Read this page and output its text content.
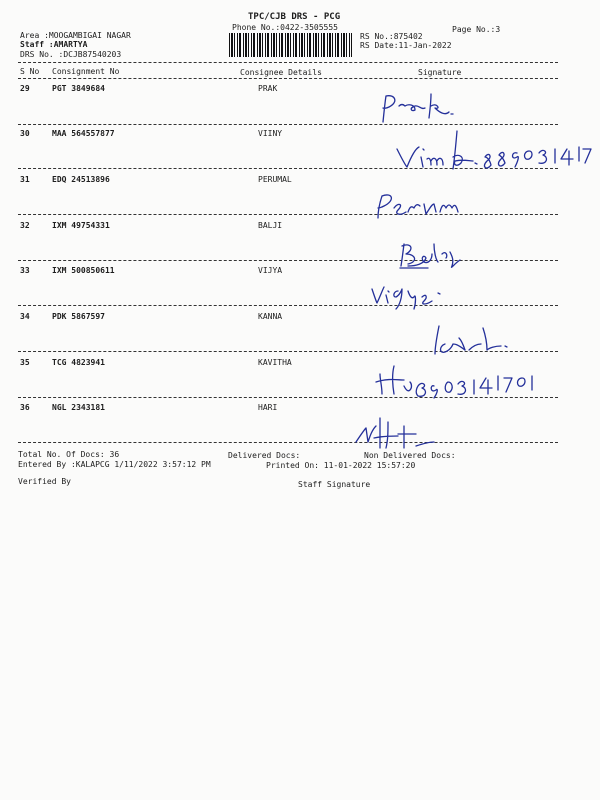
TPC/CJB DRS - PCG
Phone No.:0422-3505555	Page No.:3
Area :MOOGAMBIGAI NAGAR
Staff :AMARTYA
DRS No. :DCJB87540203
RS No.:875402
RS Date:11-Jan-2022
S No Consignment No	Consignee Details	Signature
29	PGT 3849684	PRAK
30	MAA 564557877	VIINY
31	EDQ 24513896	PERUMAL
32	IXM 49754331	BALJI
33	IXM 500850611	VIJYA
34	PDK 5867597	KANNA
35	TCG 4823941	KAVITHA
36	NGL 2343181	HARI
Total No. Of Docs: 36	Delivered Docs:	Non Delivered Docs:
Entered By :KALAPCG 1/11/2022 3:57:12 PM	Printed On: 11-01-2022 15:57:20
Verified By	Staff Signature
